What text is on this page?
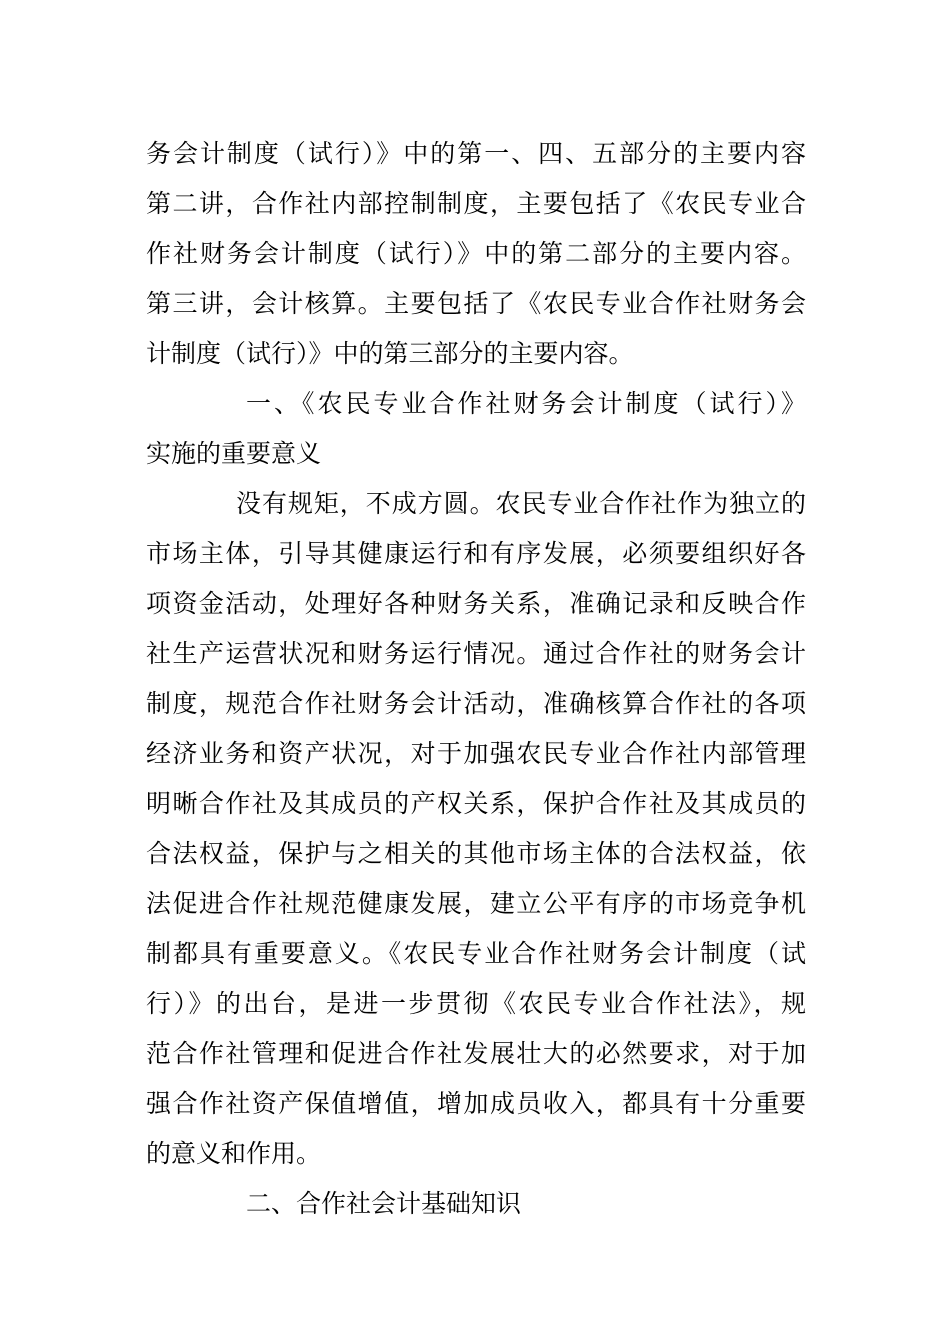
务会计制度（试行）》中的第一、四、五部分的主要内容
第二讲，合作社内部控制制度，主要包括了《农民专业合
作社财务会计制度（试行）》中的第二部分的主要内容。
第三讲，会计核算。主要包括了《农民专业合作社财务会
计制度（试行）》中的第三部分的主要内容。
一、《农民专业合作社财务会计制度（试行）》
实施的重要意义
没有规矩，不成方圆。农民专业合作社作为独立的
市场主体，引导其健康运行和有序发展，必须要组织好各
项资金活动，处理好各种财务关系，准确记录和反映合作
社生产运营状况和财务运行情况。通过合作社的财务会计
制度，规范合作社财务会计活动，准确核算合作社的各项
经济业务和资产状况，对于加强农民专业合作社内部管理
明晰合作社及其成员的产权关系，保护合作社及其成员的
合法权益，保护与之相关的其他市场主体的合法权益，依
法促进合作社规范健康发展，建立公平有序的市场竞争机
制都具有重要意义。《农民专业合作社财务会计制度（试
行）》的出台，是进一步贯彻《农民专业合作社法》，规
范合作社管理和促进合作社发展壮大的必然要求，对于加
强合作社资产保值增值，增加成员收入，都具有十分重要
的意义和作用。
二、合作社会计基础知识
